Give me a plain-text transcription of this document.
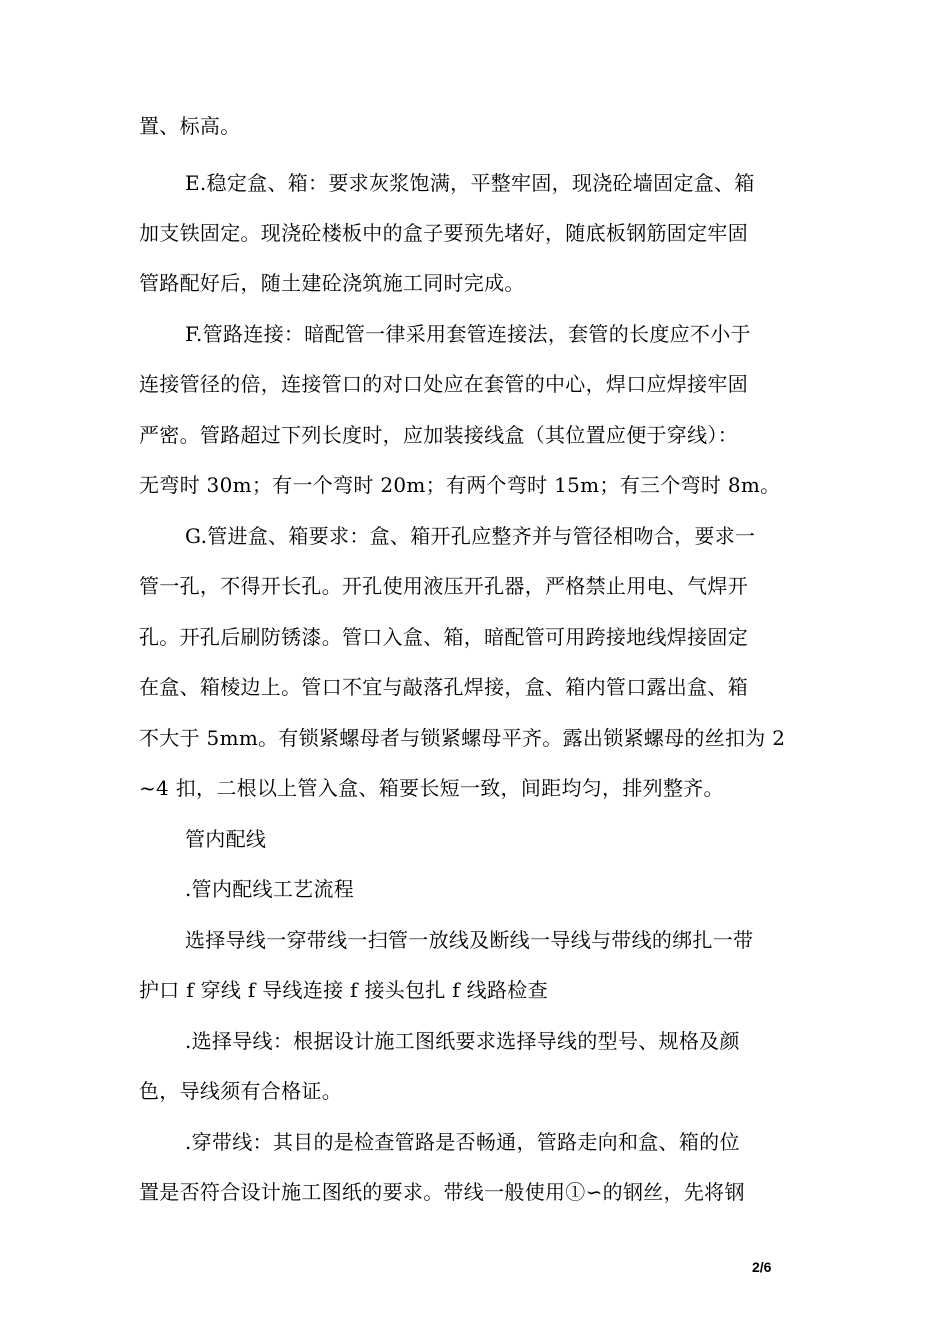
置、标高。
E.稳定盒、箱：要求灰浆饱满，平整牢固，现浇砼墙固定盒、箱
加支铁固定。现浇砼楼板中的盒子要预先堵好，随底板钢筋固定牢固
管路配好后，随土建砼浇筑施工同时完成。
F.管路连接：暗配管一律采用套管连接法，套管的长度应不小于
连接管径的倍，连接管口的对口处应在套管的中心，焊口应焊接牢固
严密。管路超过下列长度时，应加装接线盒（其位置应便于穿线）：
无弯时 30m；有一个弯时 20m；有两个弯时 15m；有三个弯时 8m。
G.管进盒、箱要求：盒、箱开孔应整齐并与管径相吻合，要求一
管一孔，不得开长孔。开孔使用液压开孔器，严格禁止用电、气焊开
孔。开孔后刷防锈漆。管口入盒、箱，暗配管可用跨接地线焊接固定
在盒、箱棱边上。管口不宜与敲落孔焊接，盒、箱内管口露出盒、箱
不大于 5mm。有锁紧螺母者与锁紧螺母平齐。露出锁紧螺母的丝扣为 2
~4 扣，二根以上管入盒、箱要长短一致，间距均匀，排列整齐。
管内配线
.管内配线工艺流程
选择导线一穿带线一扫管一放线及断线一导线与带线的绑扎一带
护口 f 穿线 f 导线连接 f 接头包扎 f 线路检查
.选择导线：根据设计施工图纸要求选择导线的型号、规格及颜
色，导线须有合格证。
.穿带线：其目的是检查管路是否畅通，管路走向和盒、箱的位
置是否符合设计施工图纸的要求。带线一般使用①∽的钢丝，先将钢
2/6
